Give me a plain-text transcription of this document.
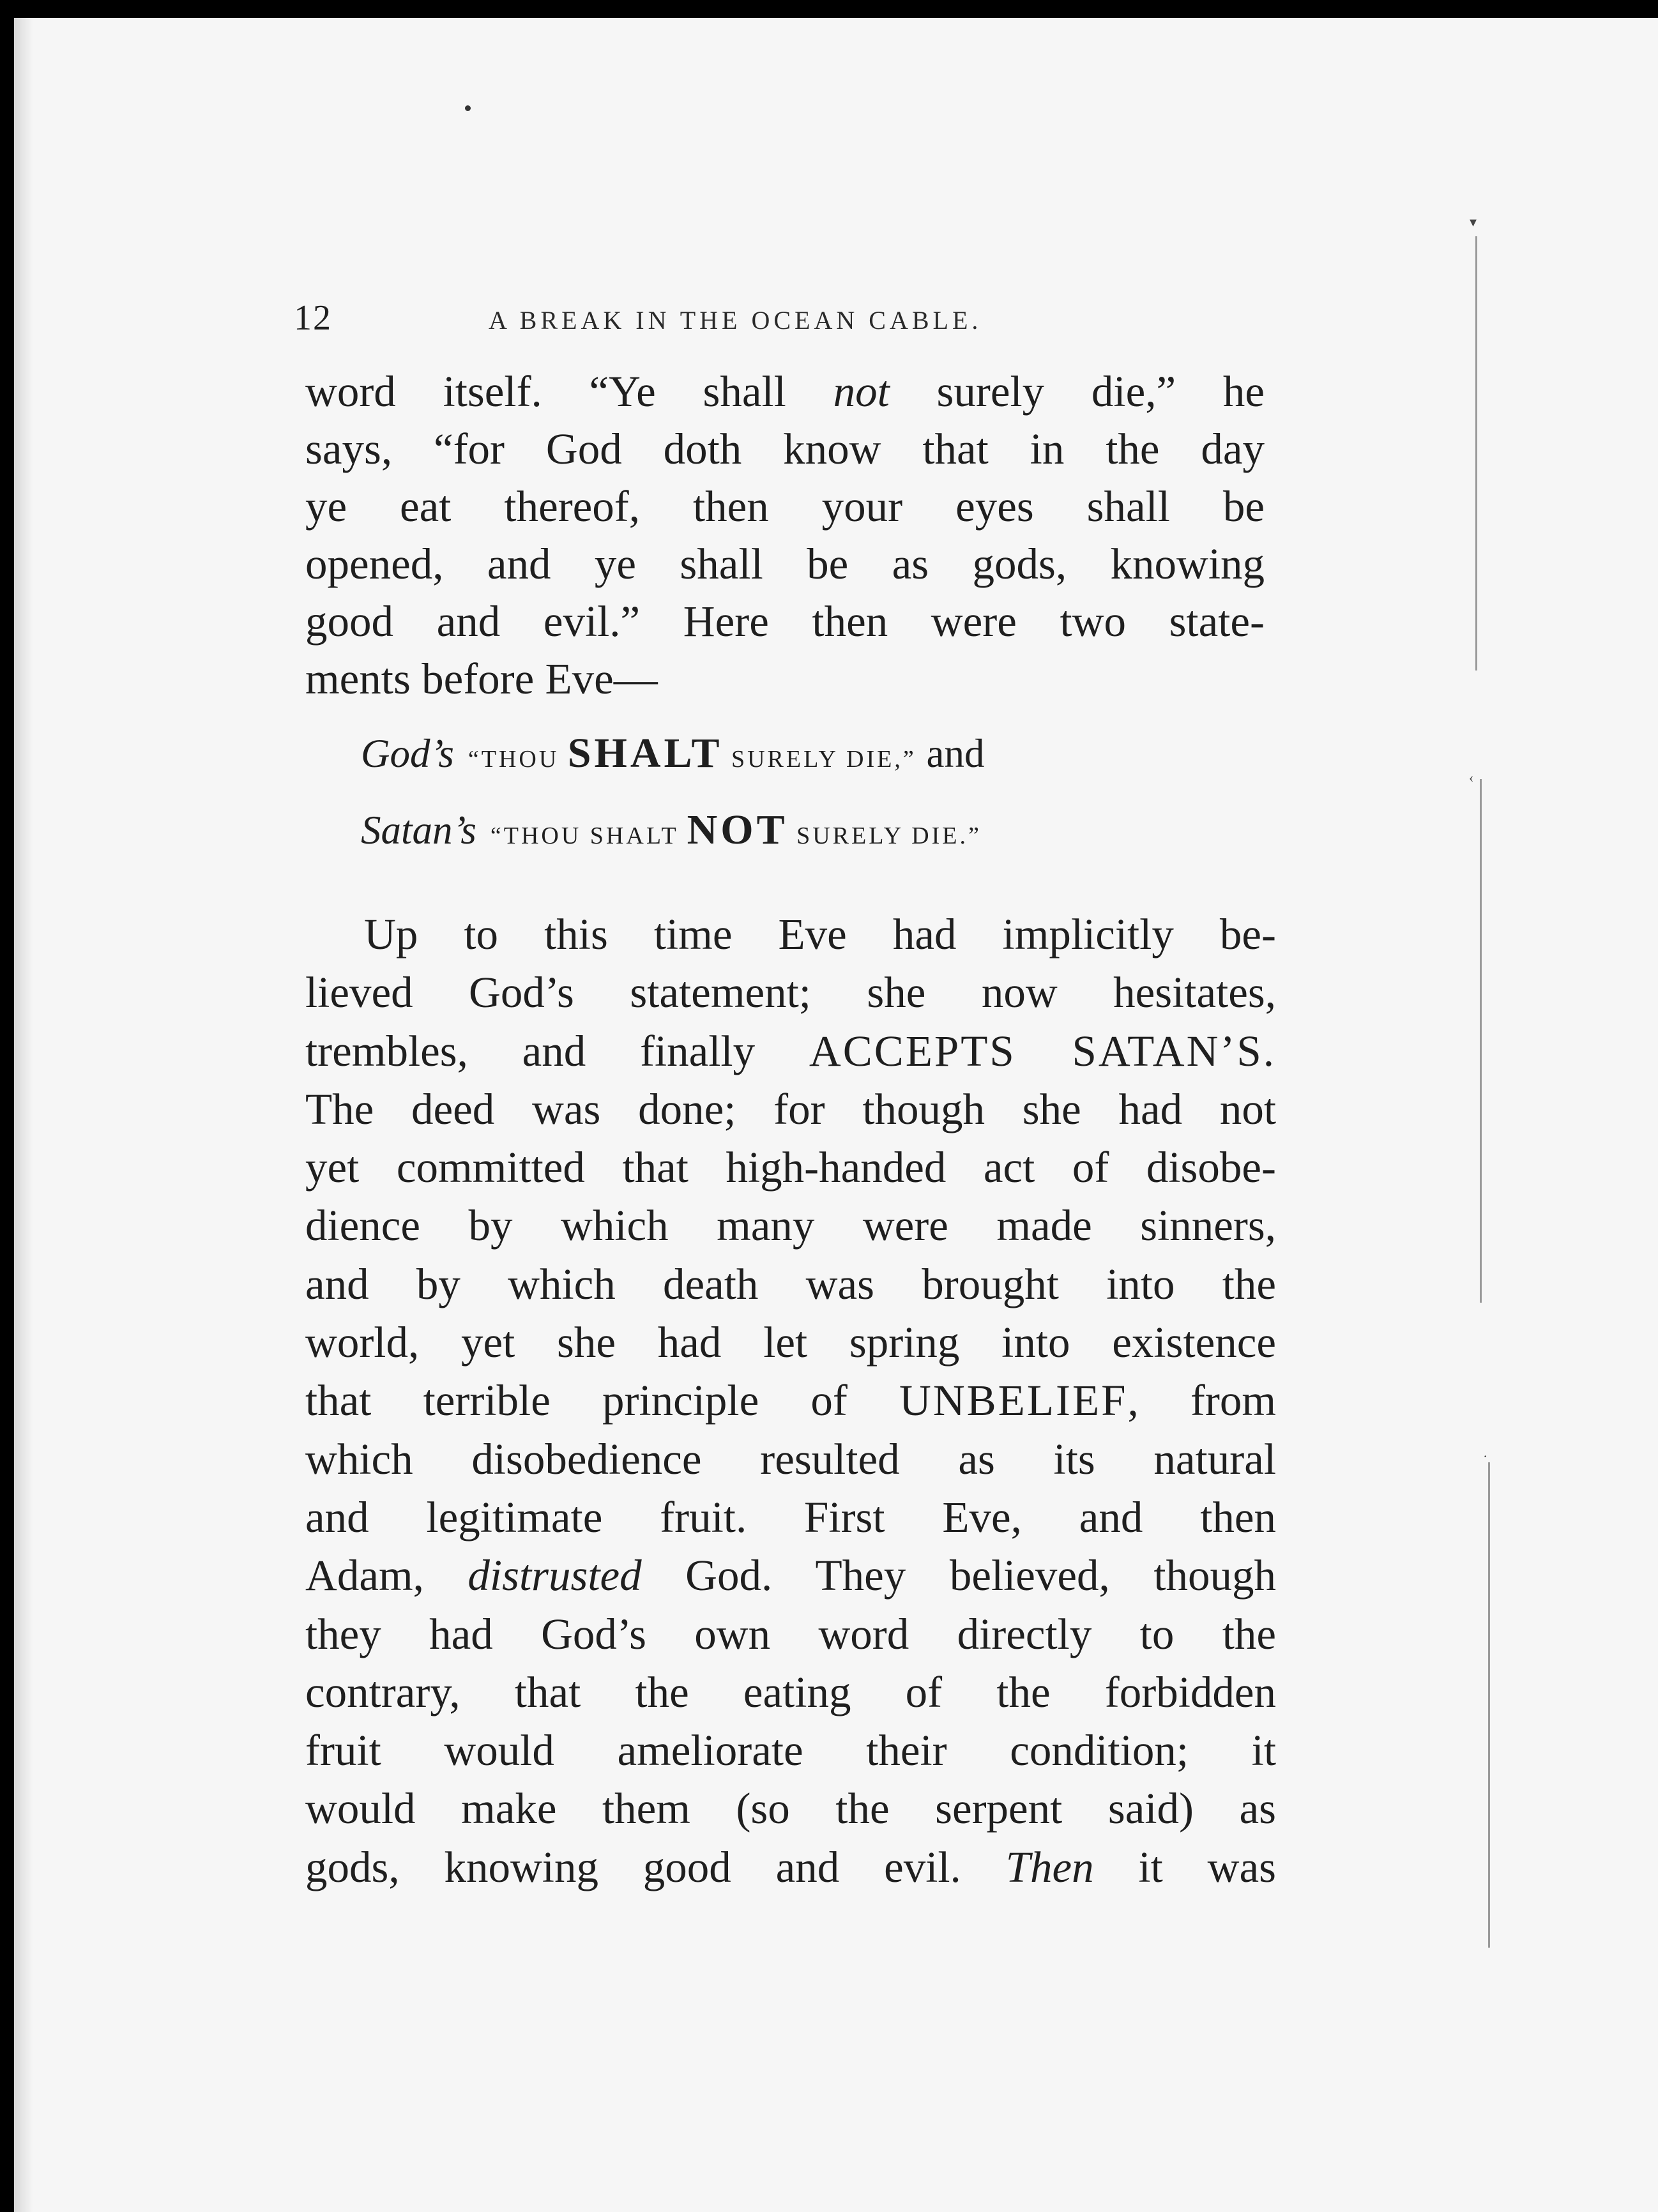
▾
‹
·
12	A BREAK IN THE OCEAN CABLE.
word itself. “Ye shall not surely die,” he
says, “for God doth know that in the day
ye eat thereof, then your eyes shall be
opened, and ye shall be as gods, knowing
good and evil.” Here then were two state-
ments before Eve—
God’s “THOU SHALT SURELY DIE,” and
Satan’s “THOU SHALT NOT SURELY DIE.”
Up to this time Eve had implicitly be-
lieved God’s statement; she now hesitates,
trembles, and finally ACCEPTS SATAN’S.
The deed was done; for though she had not
yet committed that high-handed act of disobe-
dience by which many were made sinners,
and by which death was brought into the
world, yet she had let spring into existence
that terrible principle of UNBELIEF, from
which disobedience resulted as its natural
and legitimate fruit. First Eve, and then
Adam, distrusted God. They believed, though
they had God’s own word directly to the
contrary, that the eating of the forbidden
fruit would ameliorate their condition; it
would make them (so the serpent said) as
gods, knowing good and evil. Then it was
